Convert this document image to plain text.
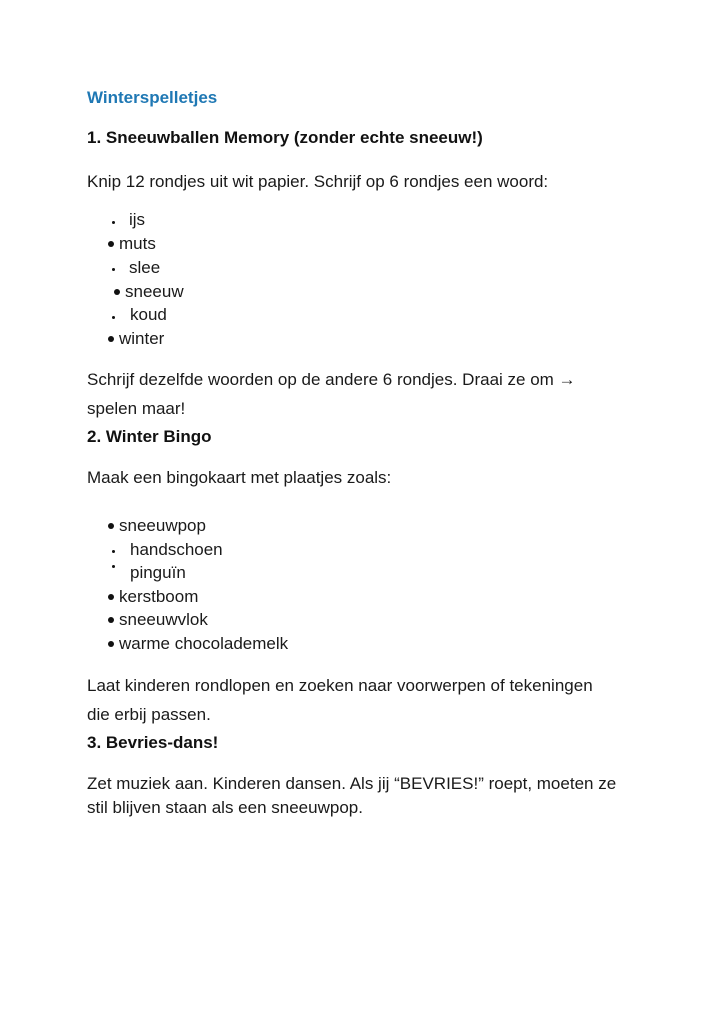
Winterspelletjes
1. Sneeuwballen Memory (zonder echte sneeuw!)
Knip 12 rondjes uit wit papier. Schrijf op 6 rondjes een woord:
ijs
muts
slee
sneeuw
koud
winter
Schrijf dezelfde woorden op de andere 6 rondjes. Draai ze om →
spelen maar!
2. Winter Bingo
Maak een bingokaart met plaatjes zoals:
sneeuwpop
handschoen
pinguïn
kerstboom
sneeuwvlok
warme chocolademelk
Laat kinderen rondlopen en zoeken naar voorwerpen of tekeningen
die erbij passen.
3. Bevries-dans!
Zet muziek aan. Kinderen dansen. Als jij “BEVRIES!” roept, moeten ze
stil blijven staan als een sneeuwpop.
